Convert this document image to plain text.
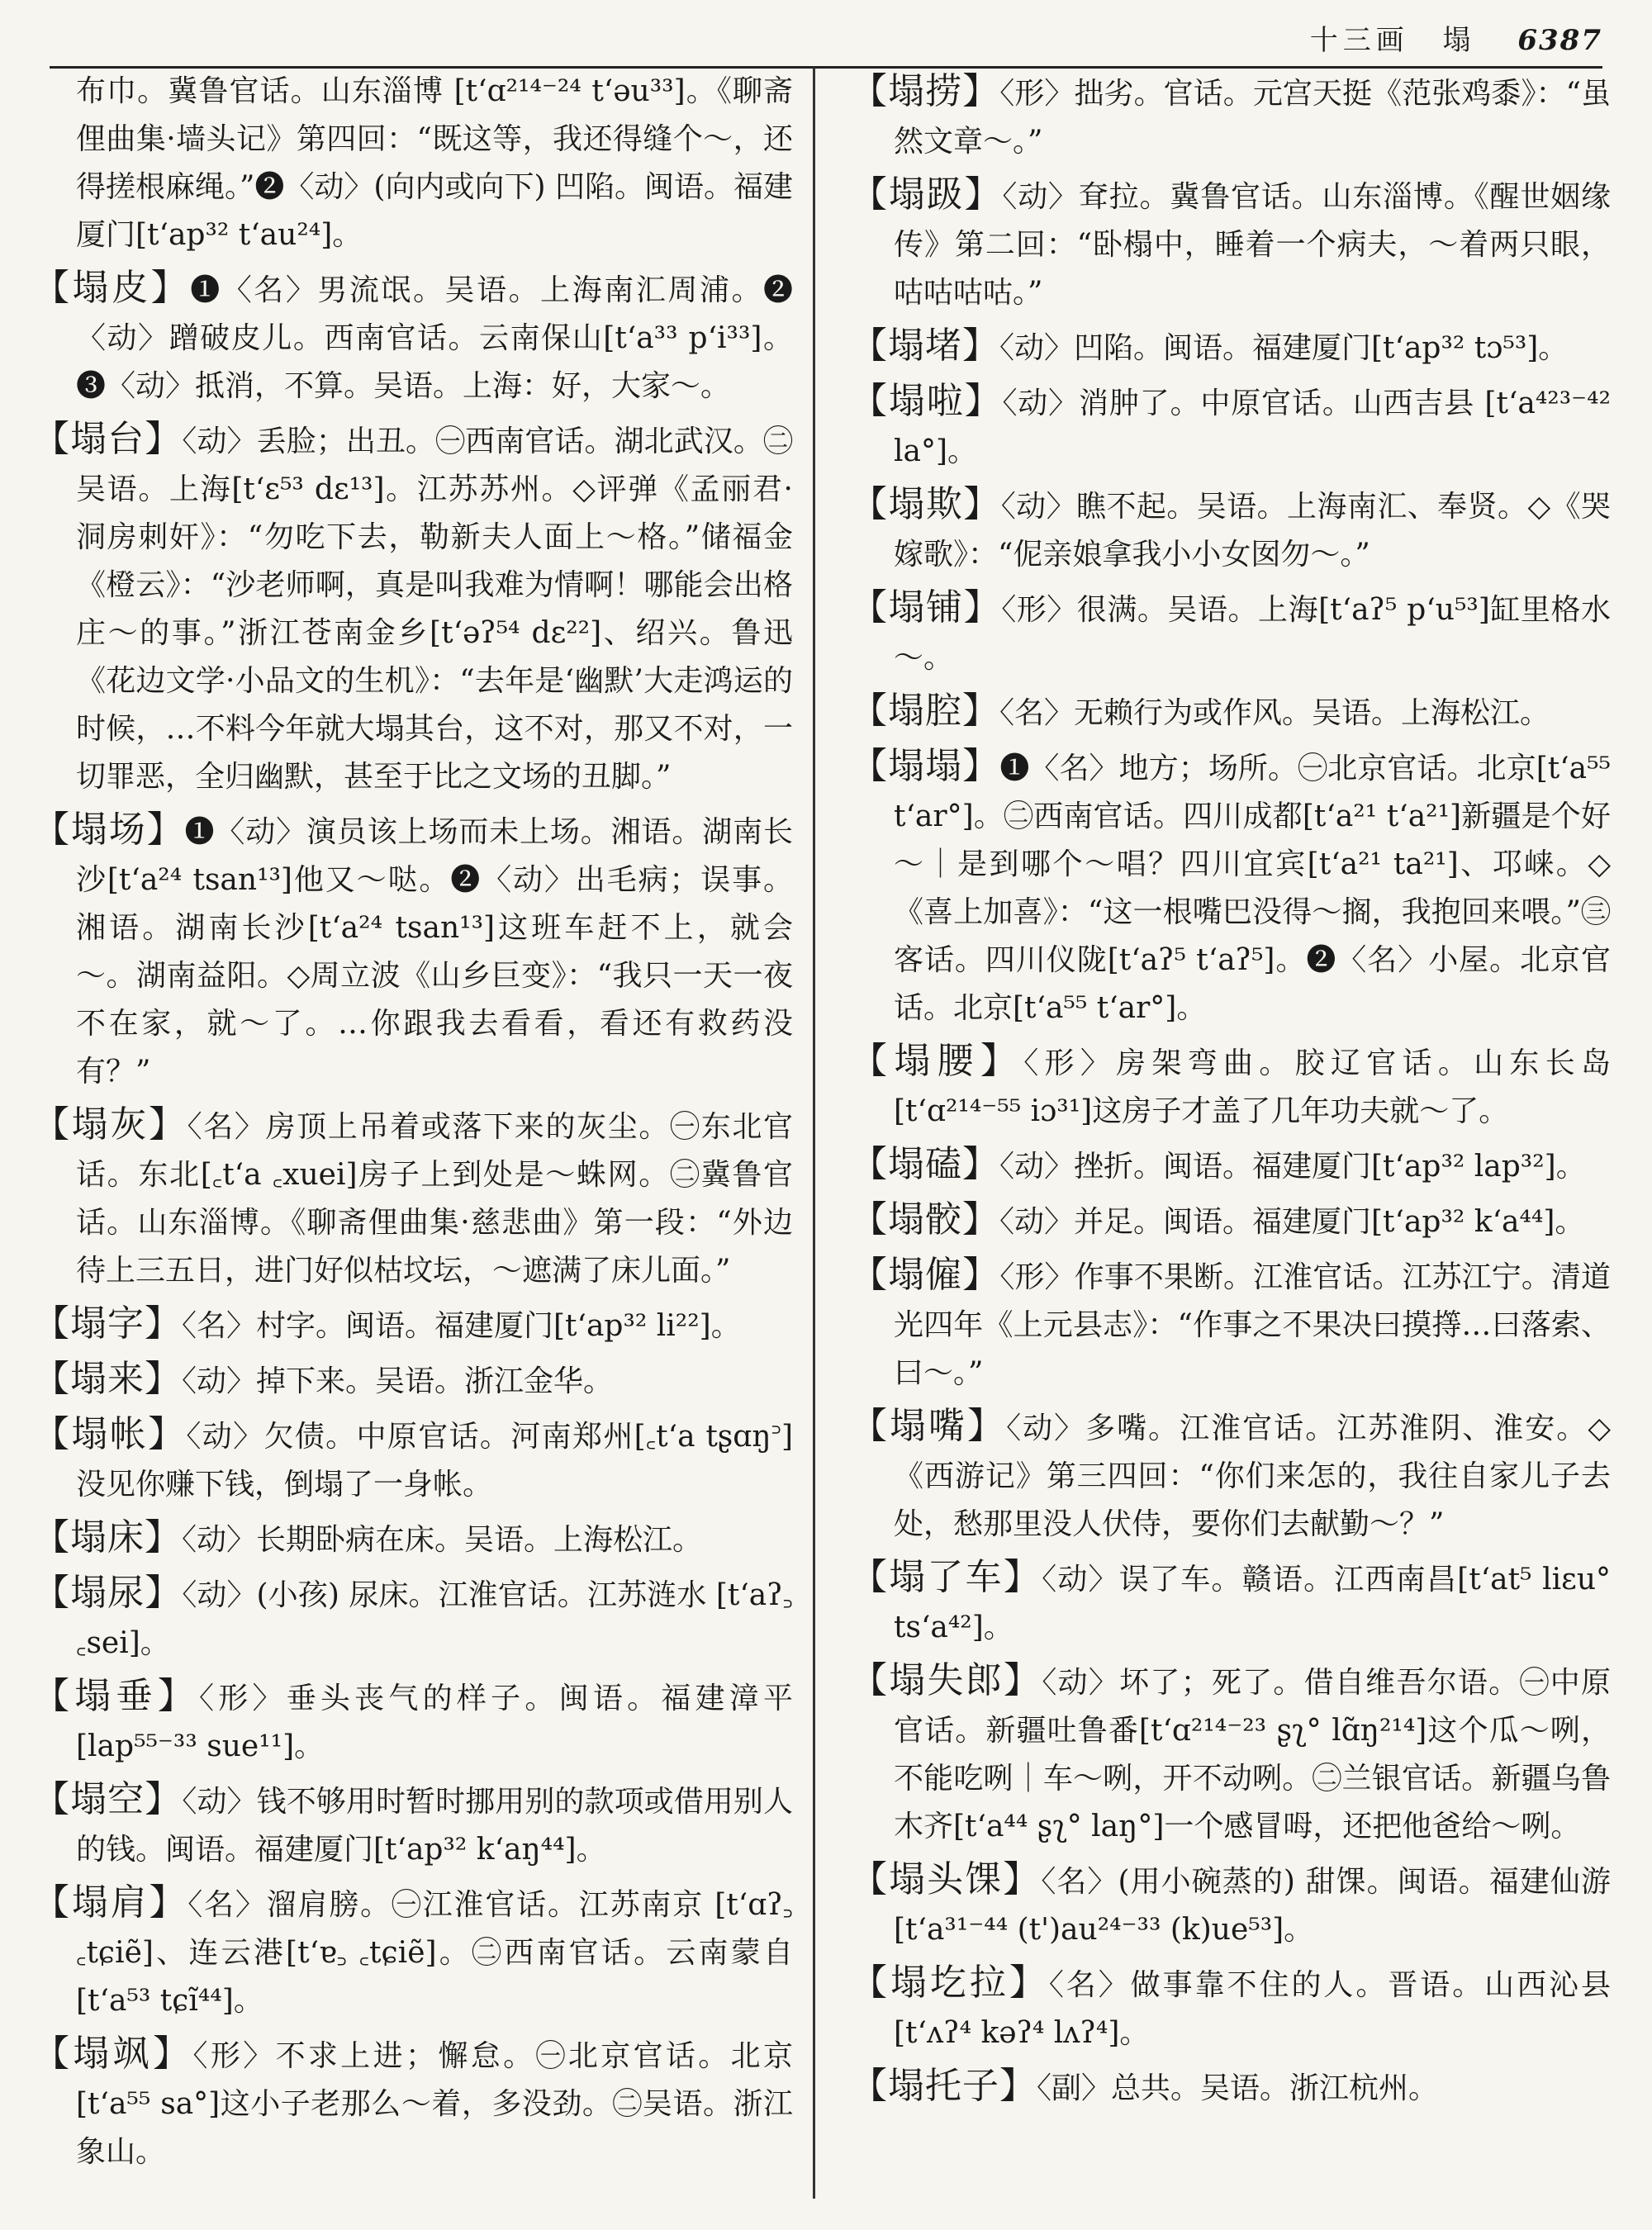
十三画 塌 6387

布巾。冀鲁官话。山东淄博 [tʻɑ²¹⁴⁻²⁴ tʻəu³³]。《聊斋俚曲集·墙头记》第四回：“既这等，我还得缝个～，还得搓根麻绳。”❷〈动〉(向内或向下) 凹陷。闽语。福建厦门[tʻap³² tʻau²⁴]。

【塌皮】❶〈名〉男流氓。吴语。上海南汇周浦。❷〈动〉蹭破皮儿。西南官话。云南保山[tʻa³³ pʻi³³]。❸〈动〉抵消，不算。吴语。上海：好，大家～。

【塌台】〈动〉丢脸；出丑。㊀西南官话。湖北武汉。㊁吴语。上海[tʻɛ⁵³ dɛ¹³]。江苏苏州。◇评弹《孟丽君·洞房刺奸》：“勿吃下去，勒新夫人面上～格。”储福金《橙云》：“沙老师啊，真是叫我难为情啊！哪能会出格庄～的事。”浙江苍南金乡[tʻəʔ⁵⁴ dɛ²²]、绍兴。鲁迅《花边文学·小品文的生机》：“去年是‘幽默’大走鸿运的时候，…不料今年就大塌其台，这不对，那又不对，一切罪恶，全归幽默，甚至于比之文场的丑脚。”

【塌场】❶〈动〉演员该上场而未上场。湘语。湖南长沙[tʻa²⁴ tsan¹³]他又～哒。❷〈动〉出毛病；误事。湘语。湖南长沙[tʻa²⁴ tsan¹³]这班车赶不上，就会～。湖南益阳。◇周立波《山乡巨变》：“我只一天一夜不在家，就～了。…你跟我去看看，看还有救药没有？”

【塌灰】〈名〉房顶上吊着或落下来的灰尘。㊀东北官话。东北[꜀tʻa ꜀xuei]房子上到处是～蛛网。㊁冀鲁官话。山东淄博。《聊斋俚曲集·慈悲曲》第一段：“外边待上三五日，进门好似枯坟坛，～遮满了床儿面。”

【塌字】〈名〉村字。闽语。福建厦门[tʻap³² li²²]。

【塌来】〈动〉掉下来。吴语。浙江金华。

【塌帐】〈动〉欠债。中原官话。河南郑州[꜀tʻa tʂɑŋ꜄]没见你赚下钱，倒塌了一身帐。

【塌床】〈动〉长期卧病在床。吴语。上海松江。

【塌尿】〈动〉(小孩) 尿床。江淮官话。江苏涟水 [tʻaʔ꜆ ꜀sei]。

【塌垂】〈形〉垂头丧气的样子。闽语。福建漳平[lap⁵⁵⁻³³ sue¹¹]。

【塌空】〈动〉钱不够用时暂时挪用别的款项或借用别人的钱。闽语。福建厦门[tʻap³² kʻaŋ⁴⁴]。

【塌肩】〈名〉溜肩膀。㊀江淮官话。江苏南京 [tʻɑʔ꜆ ꜀tɕiẽ]、连云港[tʻɐ꜆ ꜀tɕiẽ]。㊁西南官话。云南蒙自[tʻa⁵³ tɕĩ⁴⁴]。

【塌飒】〈形〉不求上进；懈怠。㊀北京官话。北京[tʻa⁵⁵ sa°]这小子老那么～着，多没劲。㊁吴语。浙江象山。

【塌捞】〈形〉拙劣。官话。元宫天挺《范张鸡黍》：“虽然文章～。”

【塌趿】〈动〉耷拉。冀鲁官话。山东淄博。《醒世姻缘传》第二回：“卧榻中，睡着一个病夫，～着两只眼，咕咕咕咕。”

【塌堵】〈动〉凹陷。闽语。福建厦门[tʻap³² tɔ⁵³]。

【塌啦】〈动〉消肿了。中原官话。山西吉县 [tʻa⁴²³⁻⁴² la°]。

【塌欺】〈动〉瞧不起。吴语。上海南汇、奉贤。◇《哭嫁歌》：“伲亲娘拿我小小女囡勿～。”

【塌铺】〈形〉很满。吴语。上海[tʻaʔ⁵ pʻu⁵³]缸里格水～。

【塌腔】〈名〉无赖行为或作风。吴语。上海松江。

【塌塌】❶〈名〉地方；场所。㊀北京官话。北京[tʻa⁵⁵ tʻar°]。㊁西南官话。四川成都[tʻa²¹ tʻa²¹]新疆是个好～｜是到哪个～唱？四川宜宾[tʻa²¹ ta²¹]、邛崃。◇《喜上加喜》：“这一根嘴巴没得～搁，我抱回来喂。”㊂客话。四川仪陇[tʻaʔ⁵ tʻaʔ⁵]。❷〈名〉小屋。北京官话。北京[tʻa⁵⁵ tʻar°]。

【塌腰】〈形〉房架弯曲。胶辽官话。山东长岛 [tʻɑ²¹⁴⁻⁵⁵ iɔ³¹]这房子才盖了几年功夫就～了。

【塌磕】〈动〉挫折。闽语。福建厦门[tʻap³² lap³²]。

【塌骹】〈动〉并足。闽语。福建厦门[tʻap³² kʻa⁴⁴]。

【塌僱】〈形〉作事不果断。江淮官话。江苏江宁。清道光四年《上元县志》：“作事之不果决曰摸㩐…曰落索、曰～。”

【塌嘴】〈动〉多嘴。江淮官话。江苏淮阴、淮安。◇《西游记》第三四回：“你们来怎的，我往自家儿子去处，愁那里没人伏侍，要你们去献勤～？”

【塌了车】〈动〉误了车。赣语。江西南昌[tʻat⁵ liɛu° tsʻa⁴²]。

【塌失郎】〈动〉坏了；死了。借自维吾尔语。㊀中原官话。新疆吐鲁番[tʻɑ²¹⁴⁻²³ ʂʅ° lɑ̃ŋ²¹⁴]这个瓜～咧，不能吃咧｜车～咧，开不动咧。㊁兰银官话。新疆乌鲁木齐[tʻa⁴⁴ ʂʅ° laŋ°]一个感冒呣，还把他爸给～咧。

【塌头馃】〈名〉(用小碗蒸的) 甜馃。闽语。福建仙游[tʻa³¹⁻⁴⁴ (t')au²⁴⁻³³ (k)ue⁵³]。

【塌圪拉】〈名〉做事靠不住的人。晋语。山西沁县[tʻʌʔ⁴ kəʔ⁴ lʌʔ⁴]。

【塌托子】〈副〉总共。吴语。浙江杭州。
